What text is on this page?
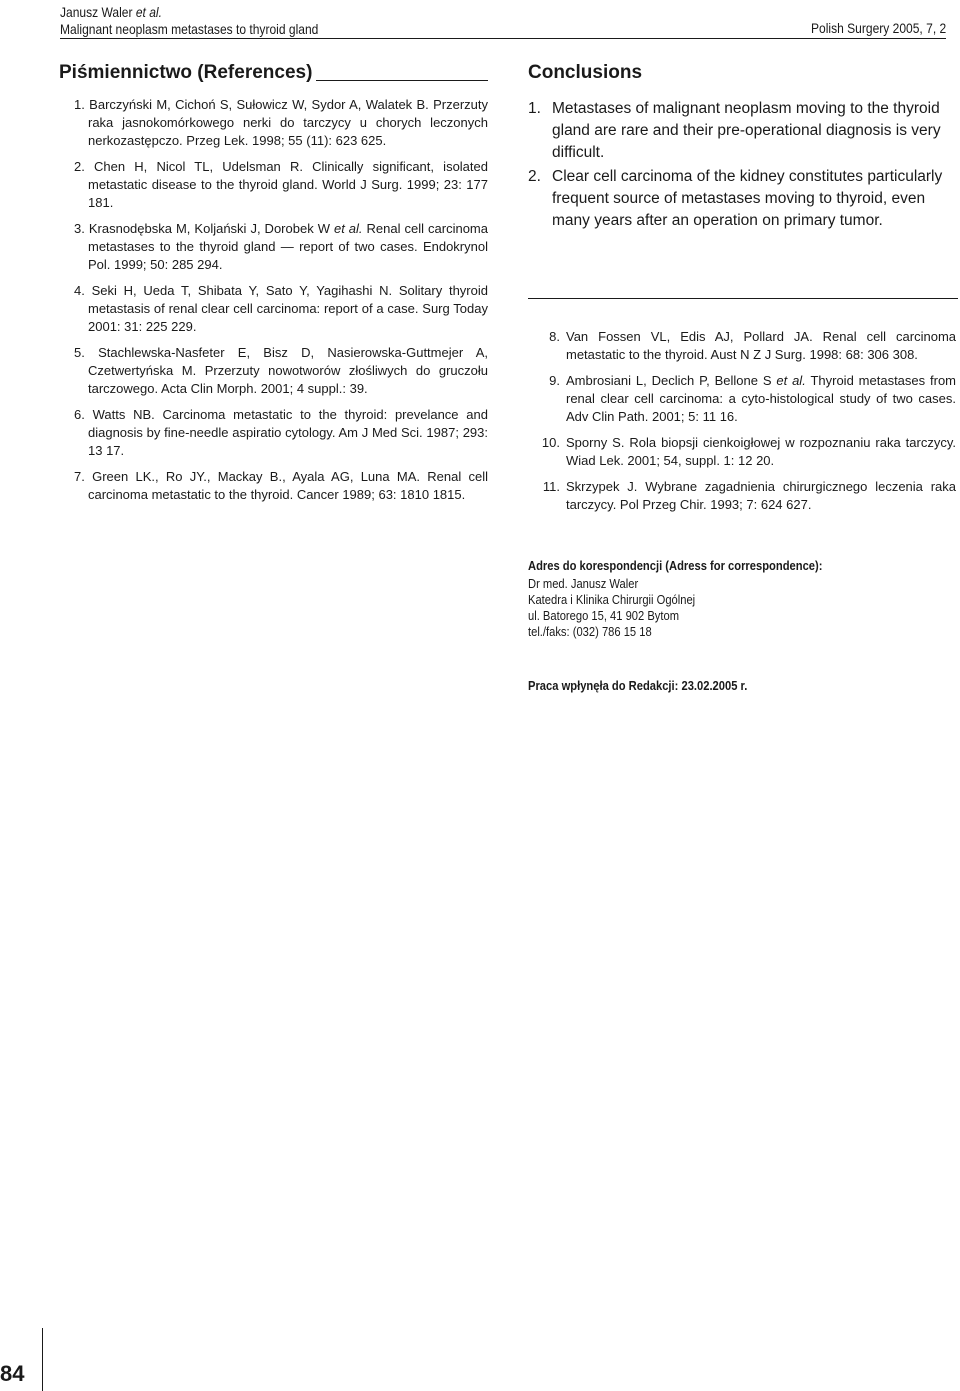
Janusz Waler et al.
Malignant neoplasm metastases to thyroid gland	Polish Surgery 2005, 7, 2
Piśmiennictwo (References)
1. Barczyński M, Cichoń S, Sułowicz W, Sydor A, Walatek B. Przerzuty raka jasnokomórkowego nerki do tarczycy u chorych leczonych nerkozastępczo. Przeg Lek. 1998; 55 (11): 623 625.
2. Chen H, Nicol TL, Udelsman R. Clinically significant, isolated metastatic disease to the thyroid gland. World J Surg. 1999; 23: 177 181.
3. Krasnodębska M, Koljański J, Dorobek W et al. Renal cell carcinoma metastases to the thyroid gland — report of two cases. Endokrynol Pol. 1999; 50: 285 294.
4. Seki H, Ueda T, Shibata Y, Sato Y, Yagihashi N. Solitary thyroid metastasis of renal clear cell carcinoma: report of a case. Surg Today 2001: 31: 225 229.
5. Stachlewska-Nasfeter E, Bisz D, Nasierowska-Guttmejer A, Czetwertyńska M. Przerzuty nowotworów złośliwych do gruczołu tarczowego. Acta Clin Morph. 2001; 4 suppl.: 39.
6. Watts NB. Carcinoma metastatic to the thyroid: prevelance and diagnosis by fine-needle aspiratio cytology. Am J Med Sci. 1987; 293: 13 17.
7. Green LK., Ro JY., Mackay B., Ayala AG, Luna MA. Renal cell carcinoma metastatic to the thyroid. Cancer 1989; 63: 1810 1815.
Conclusions
1. Metastases of malignant neoplasm moving to the thyroid gland are rare and their pre-operational diagnosis is very difficult.
2. Clear cell carcinoma of the kidney constitutes particularly frequent source of metastases moving to thyroid, even many years after an operation on primary tumor.
8. Van Fossen VL, Edis AJ, Pollard JA. Renal cell carcinoma metastatic to the thyroid. Aust N Z J Surg. 1998: 68: 306 308.
9. Ambrosiani L, Declich P, Bellone S et al. Thyroid metastases from renal clear cell carcinoma: a cyto-histological study of two cases. Adv Clin Path. 2001; 5: 11 16.
10. Sporny S. Rola biopsji cienkoigłowej w rozpoznaniu raka tarczycy. Wiad Lek. 2001; 54, suppl. 1: 12 20.
11. Skrzypek J. Wybrane zagadnienia chirurgicznego leczenia raka tarczycy. Pol Przeg Chir. 1993; 7: 624 627.
Adres do korespondencji (Adress for correspondence):
Dr med. Janusz Waler
Katedra i Klinika Chirurgii Ogólnej
ul. Batorego 15, 41 902 Bytom
tel./faks: (032) 786 15 18
Praca wpłynęła do Redakcji: 23.02.2005 r.
84
